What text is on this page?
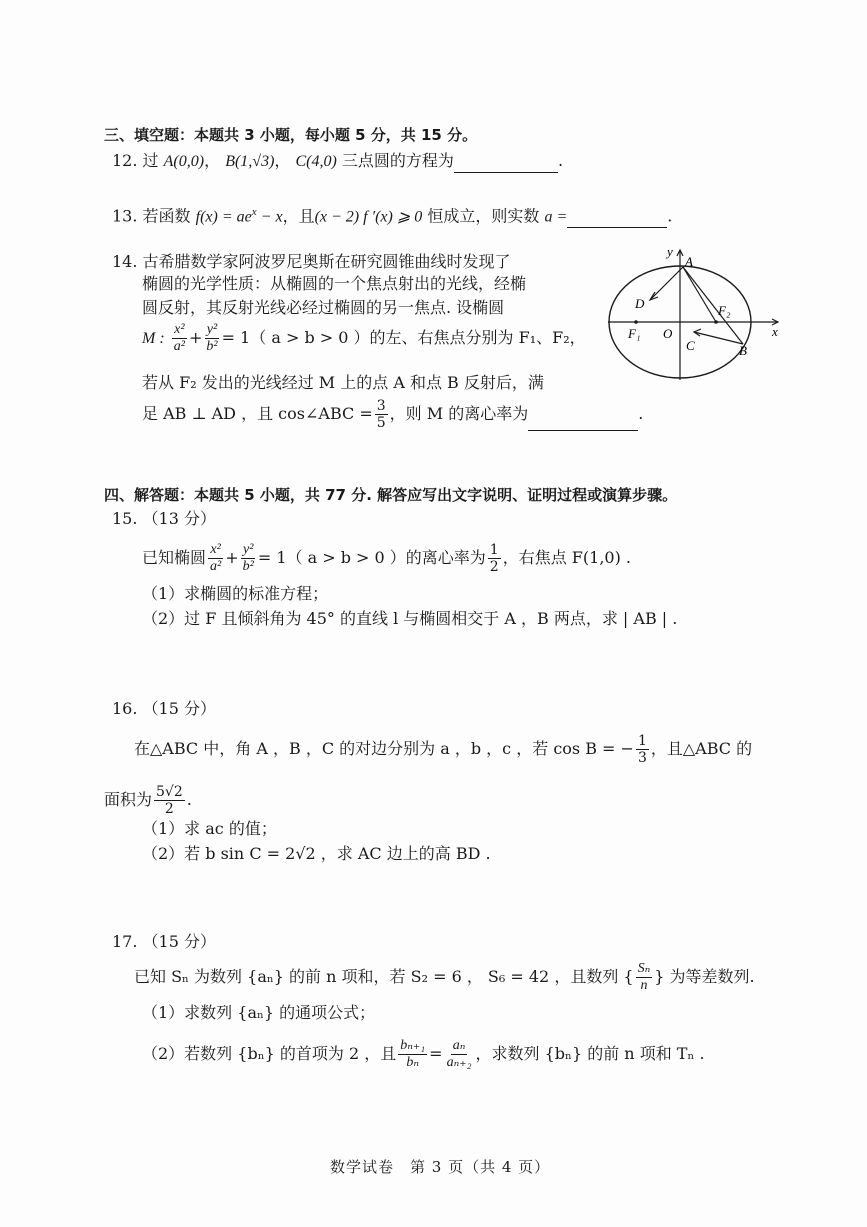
三、填空题：本题共 3 小题，每小题 5 分，共 15 分。
12. 过 A(0,0)， B(1,√3)， C(4,0) 三点圆的方程为	.
13. 若函数 $f(x) = ae^x - x$，且(x − 2) f ′(x) ⩾ 0 恒成立，则实数 a =	.
14. 古希腊数学家阿波罗尼奥斯在研究圆锥曲线时发现了
椭圆的光学性质：从椭圆的一个焦点射出的光线，经椭
圆反射，其反射光线必经过椭圆的另一焦点. 设椭圆
M : $\frac{\text{x²}}{\text{a²}} + \frac{\text{y²}}{\text{b²}} = 1$（ a > b > 0 ）的左、右焦点分别为 F₁、F₂，
若从 F₂ 发出的光线经过 M 上的点 A 和点 B 反射后，满
足 AB ⊥ AD ，且 cos∠ABC = $\frac{3}{5}$ ，则 M 的离心率为	.
y
x
A
B
C
D
F₁
F₂
O
四、解答题：本题共 5 小题，共 77 分. 解答应写出文字说明、证明过程或演算步骤。
15. （13 分）
已知椭圆 $\frac{\text{x²}}{\text{a²}} + \frac{\text{y²}}{\text{b²}} = 1$（ a > b > 0 ）的离心率为 $\frac{1}{2}$ ，右焦点 F(1,0) .
（1）求椭圆的标准方程；
（2）过 F 且倾斜角为 45° 的直线 l 与椭圆相交于 A ，B 两点，求 | AB | .
16. （15 分）
在△ABC 中，角 A ，B ，C 的对边分别为 a ，b ，c ，若 cos B = − $\frac{1}{3}$ ，且△ABC 的
面积为 $\frac{5√2}{2}$ .
（1）求 ac 的值；
（2）若 b sin C = 2√2 ，求 AC 边上的高 BD .
17. （15 分）
已知 Sₙ 为数列 {aₙ} 的前 n 项和，若 S₂ = 6 ， S₆ = 42 ，且数列 { $\frac{\text{Sₙ}}{n}$ } 为等差数列.
（1）求数列 {aₙ} 的通项公式；
（2）若数列 {bₙ} 的首项为 2 ，且 $\frac{\text{bₙ₊₁}}{\text{bₙ}} = \frac{\text{aₙ}}{\text{aₙ₊₂}}$ ，求数列 {bₙ} 的前 n 项和 Tₙ .
数学试卷　第 3 页（共 4 页）
